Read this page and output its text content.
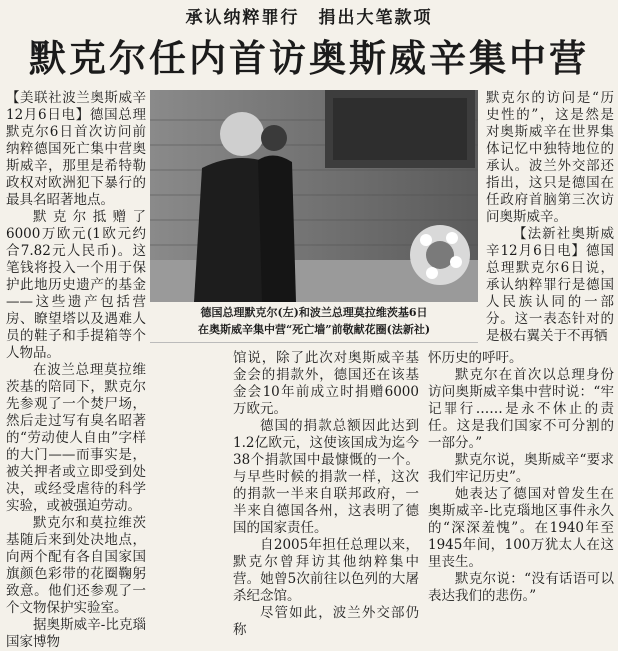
承认纳粹罪行　捐出大笔款项
默克尔任内首访奥斯威辛集中营

【美联社波兰奥斯威辛12月6日电】德国总理默克尔6日首次访问前纳粹德国死亡集中营奥斯威辛，那里是希特勒政权对欧洲犯下暴行的最具名昭著地点。

默克尔抵赠了6000万欧元(1欧元约合7.82元人民币)。这笔钱将投入一个用于保护此地历史遗产的基金——这些遗产包括营房、瞭望塔以及遇难人员的鞋子和手提箱等个人物品。

在波兰总理莫拉维茨基的陪同下，默克尔先参观了一个焚尸场，然后走过写有臭名昭著的“劳动使人自由”字样的大门——而事实是，被关押者或立即受到处决，或经受虐待的科学实验，或被强迫劳动。

默克尔和莫拉维茨基随后来到处决地点，向两个配有各自国家国旗颜色彩带的花圈鞠躬致意。他们还参观了一个文物保护实验室。

据奥斯威辛-比克瑙国家博物

德国总理默克尔(左)和波兰总理莫拉维茨基6日
在奥斯威辛集中营“死亡墙”前敬献花圈(法新社)

馆说，除了此次对奥斯威辛基金会的捐款外，德国还在该基金会10年前成立时捐赠6000万欧元。

德国的捐款总额因此达到1.2亿欧元，这使该国成为迄今38个捐款国中最慷慨的一个。与早些时候的捐款一样，这次的捐款一半来自联邦政府，一半来自德国各州，这表明了德国的国家责任。

自2005年担任总理以来，默克尔曾拜访其他纳粹集中营。她曾5次前往以色列的大屠杀纪念馆。

尽管如此，波兰外交部仍称

默克尔的访问是“历史性的”，这是然是对奥斯威辛在世界集体记忆中独特地位的承认。波兰外交部还指出，这只是德国在任政府首脑第三次访问奥斯威辛。

【法新社奥斯威辛12月6日电】德国总理默克尔6日说，承认纳粹罪行是德国人民族认同的一部分。这一表态针对的是极右翼关于不再牺

怀历史的呼吁。

默克尔在首次以总理身份访问奥斯威辛集中营时说：“牢记罪行……是永不休止的责任。这是我们国家不可分割的一部分。”

默克尔说，奥斯威辛“要求我们牢记历史”。

她表达了德国对曾发生在奥斯威辛-比克瑙地区事件永久的“深深羞愧”。在1940年至1945年间，100万犹太人在这里丧生。

默克尔说：“没有话语可以表达我们的悲伤。”
